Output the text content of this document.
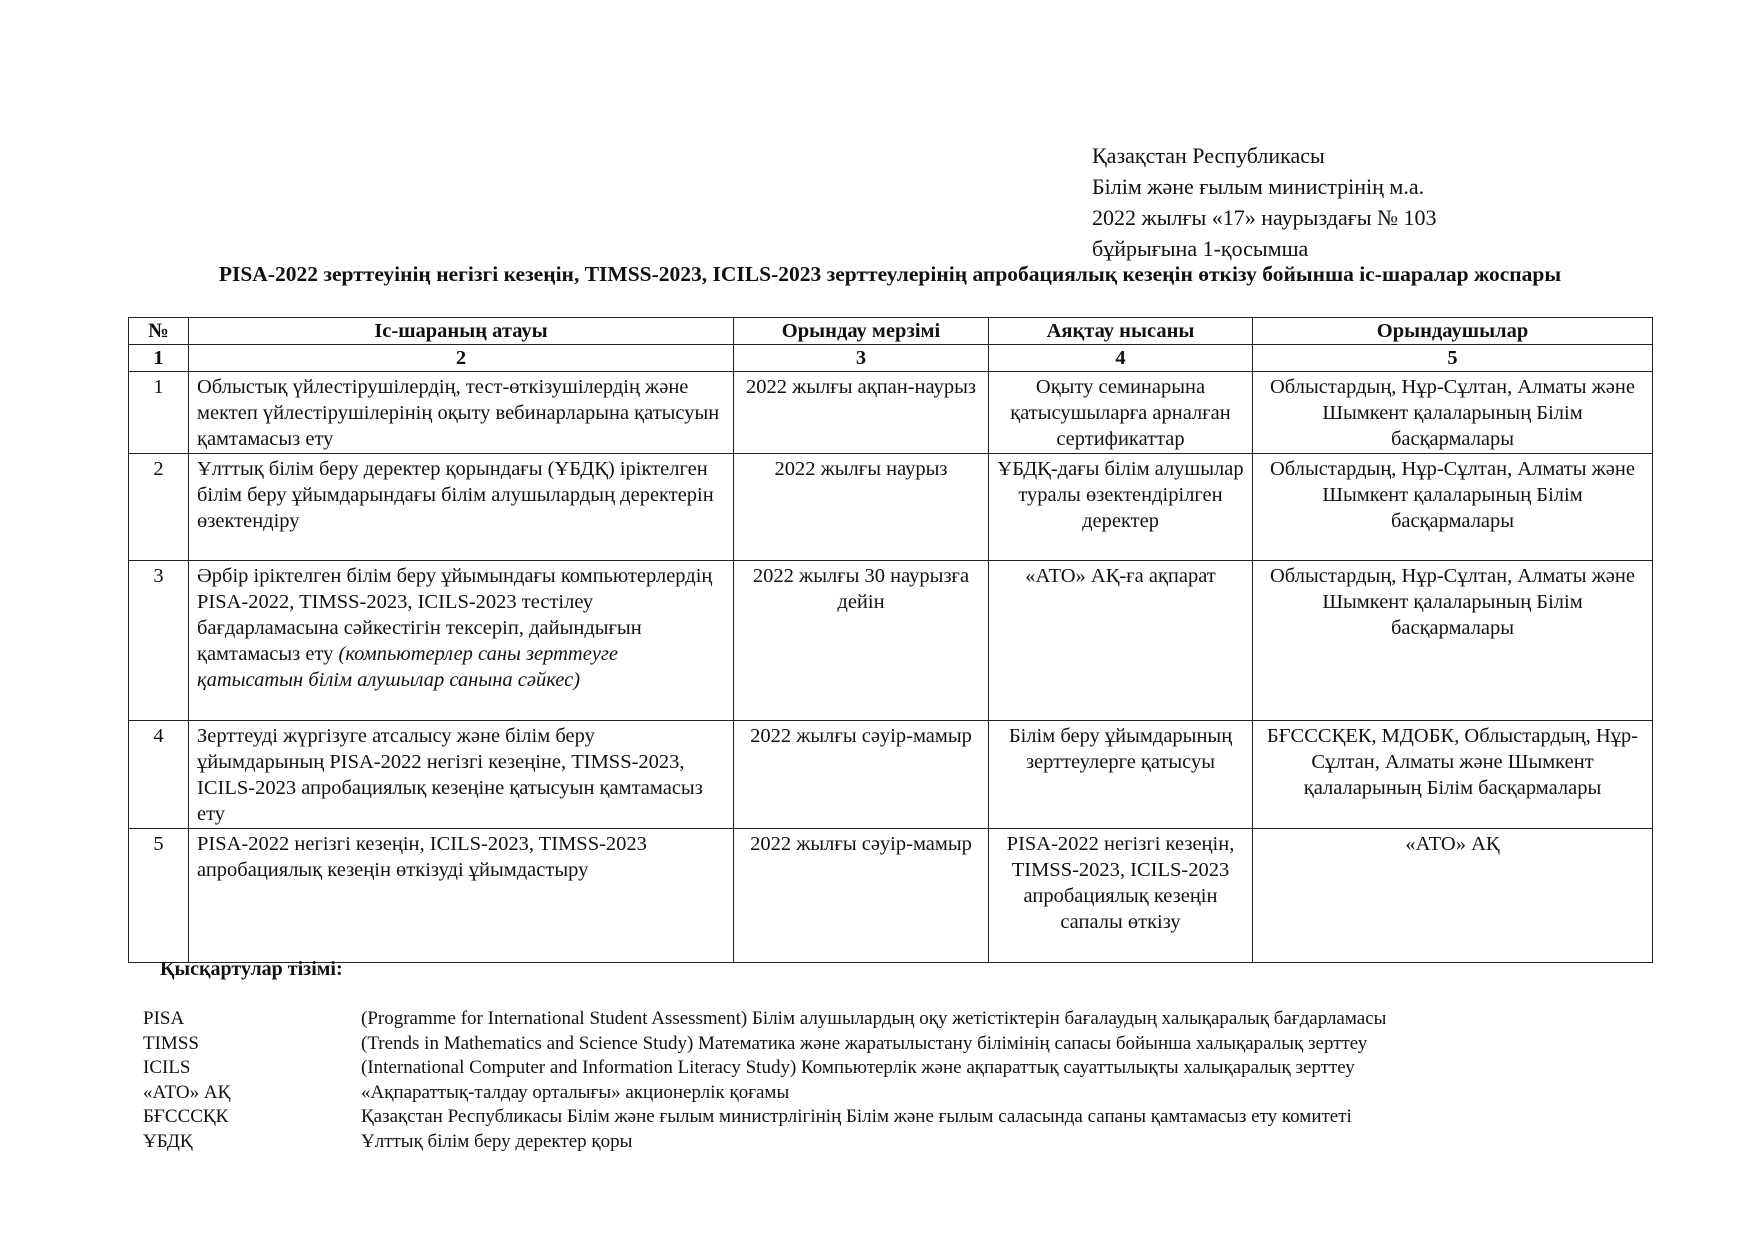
Қазақстан Республикасы
Білім және ғылым министрінің м.а.
2022 жылғы «17» наурыздағы № 103
бұйрығына 1-қосымша
PISA-2022 зерттеуінің негізгі кезеңін, TIMSS-2023, ICILS-2023 зерттеулерінің апробациялық кезеңін өткізу бойынша іс-шаралар жоспары
№	Іс-шараның атауы	Орындау мерзімі	Аяқтау нысаны	Орындаушылар
1	2	3	4	5
1	Облыстық үйлестірушілердің, тест-өткізушілердің және мектеп үйлестірушілерінің оқыту вебинарларына қатысуын қамтамасыз ету	2022 жылғы ақпан-наурыз	Оқыту семинарына қатысушыларға арналған сертификаттар	Облыстардың, Нұр-Сұлтан, Алматы және Шымкент қалаларының Білім басқармалары
2	Ұлттық білім беру деректер қорындағы (ҰБДҚ) іріктелген білім беру ұйымдарындағы білім алушылардың деректерін өзектендіру	2022 жылғы наурыз	ҰБДҚ-дағы білім алушылар туралы өзектендірілген деректер	Облыстардың, Нұр-Сұлтан, Алматы және Шымкент қалаларының Білім басқармалары
3	Әрбір іріктелген білім беру ұйымындағы компьютерлердің PISA-2022, TIMSS-2023, ICILS-2023 тестілеу бағдарламасына сәйкестігін тексеріп, дайындығын қамтамасыз ету (компьютерлер саны зерттеуге қатысатын білім алушылар санына сәйкес)	2022 жылғы 30 наурызға дейін	«АТО» АҚ-ға ақпарат	Облыстардың, Нұр-Сұлтан, Алматы және Шымкент қалаларының Білім басқармалары
4	Зерттеуді жүргізуге атсалысу және білім беру ұйымдарының PISA-2022 негізгі кезеңіне, TIMSS-2023, ICILS-2023 апробациялық кезеңіне қатысуын қамтамасыз ету	2022 жылғы сәуір-мамыр	Білім беру ұйымдарының зерттеулерге қатысуы	БҒСССҚЕК, МДОБК, Облыстардың, Нұр-Сұлтан, Алматы және Шымкент қалаларының Білім басқармалары
5	PISA-2022 негізгі кезеңін, ICILS-2023, TIMSS-2023 апробациялық кезеңін өткізуді ұйымдастыру	2022 жылғы сәуір-мамыр	PISA-2022 негізгі кезеңін, TIMSS-2023, ICILS-2023 апробациялық кезеңін сапалы өткізу	«АТО» АҚ
Қысқартулар тізімі:
PISA	(Programme for International Student Assessment) Білім алушылардың оқу жетістіктерін бағалаудың халықаралық бағдарламасы
TIMSS	(Trends in Mathematics and Science Study) Математика және жаратылыстану білімінің сапасы бойынша халықаралық зерттеу
ICILS	(International Computer and Information Literacy Study) Компьютерлік және ақпараттық сауаттылықты халықаралық зерттеу
«АТО» АҚ	«Ақпараттық-талдау орталығы» акционерлік қоғамы
БҒСССҚК	Қазақстан Республикасы Білім және ғылым министрлігінің Білім және ғылым саласында сапаны қамтамасыз ету комитеті
ҰБДҚ	Ұлттық білім беру деректер қоры
